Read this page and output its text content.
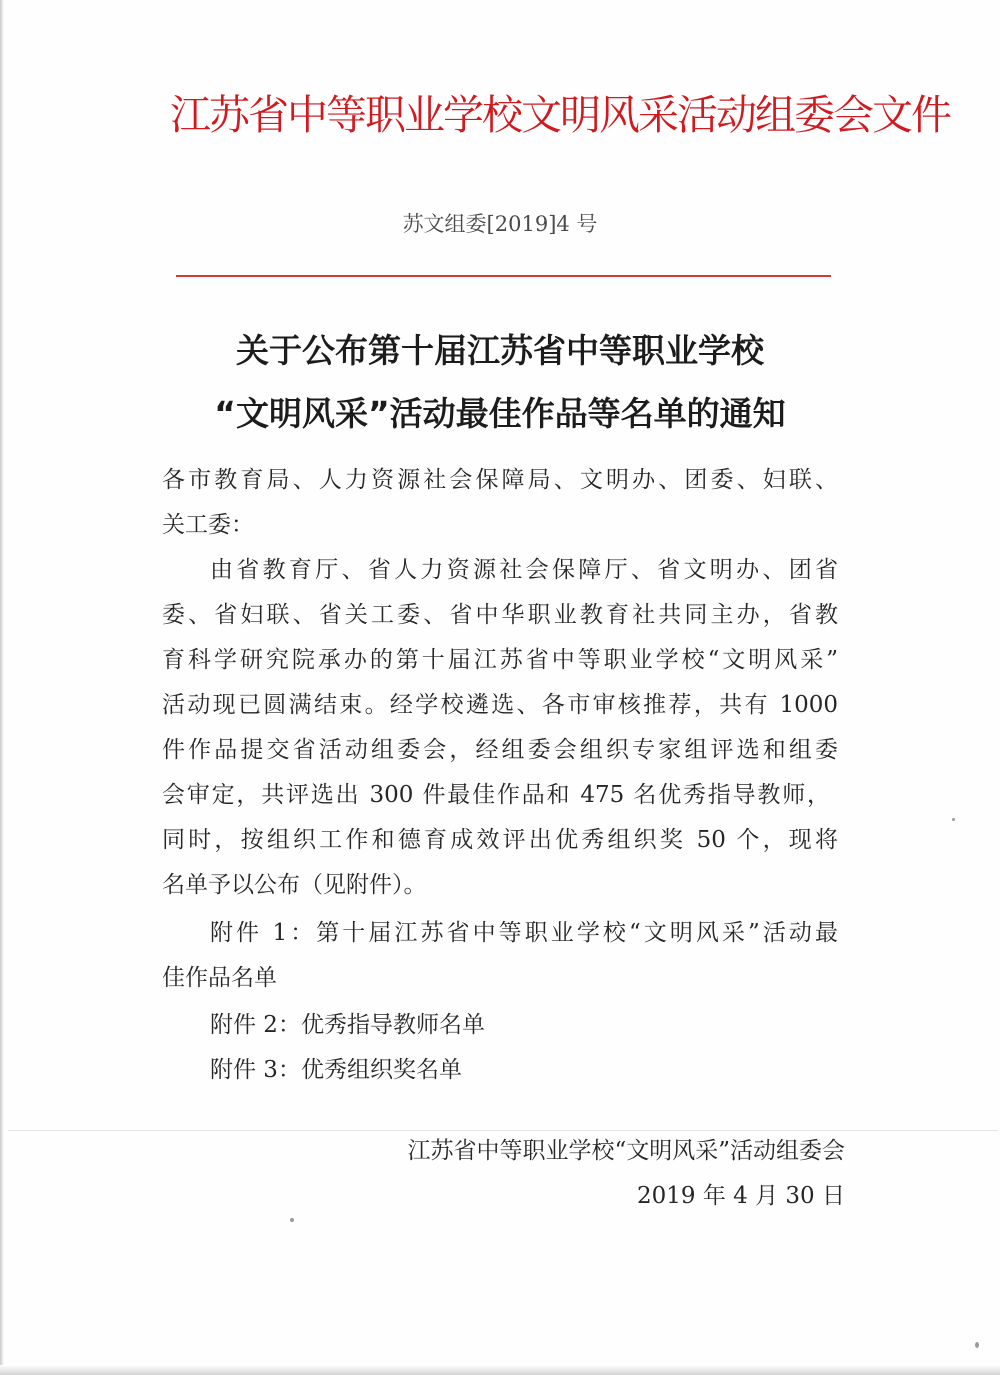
江苏省中等职业学校文明风采活动组委会文件
苏文组委[2019]4 号
关于公布第十届江苏省中等职业学校
“文明风采”活动最佳作品等名单的通知
各市教育局、人力资源社会保障局、文明办、团委、妇联、
关工委：
由省教育厅、省人力资源社会保障厅、省文明办、团省
委、省妇联、省关工委、省中华职业教育社共同主办，省教
育科学研究院承办的第十届江苏省中等职业学校“文明风采”
活动现已圆满结束。经学校遴选、各市审核推荐，共有 1000
件作品提交省活动组委会，经组委会组织专家组评选和组委
会审定，共评选出 300 件最佳作品和 475 名优秀指导教师，
同时，按组织工作和德育成效评出优秀组织奖 50 个，现将
名单予以公布（见附件）。
附件 1：第十届江苏省中等职业学校“文明风采”活动最
佳作品名单
附件 2：优秀指导教师名单
附件 3：优秀组织奖名单
江苏省中等职业学校“文明风采”活动组委会
2019 年 4 月 30 日
